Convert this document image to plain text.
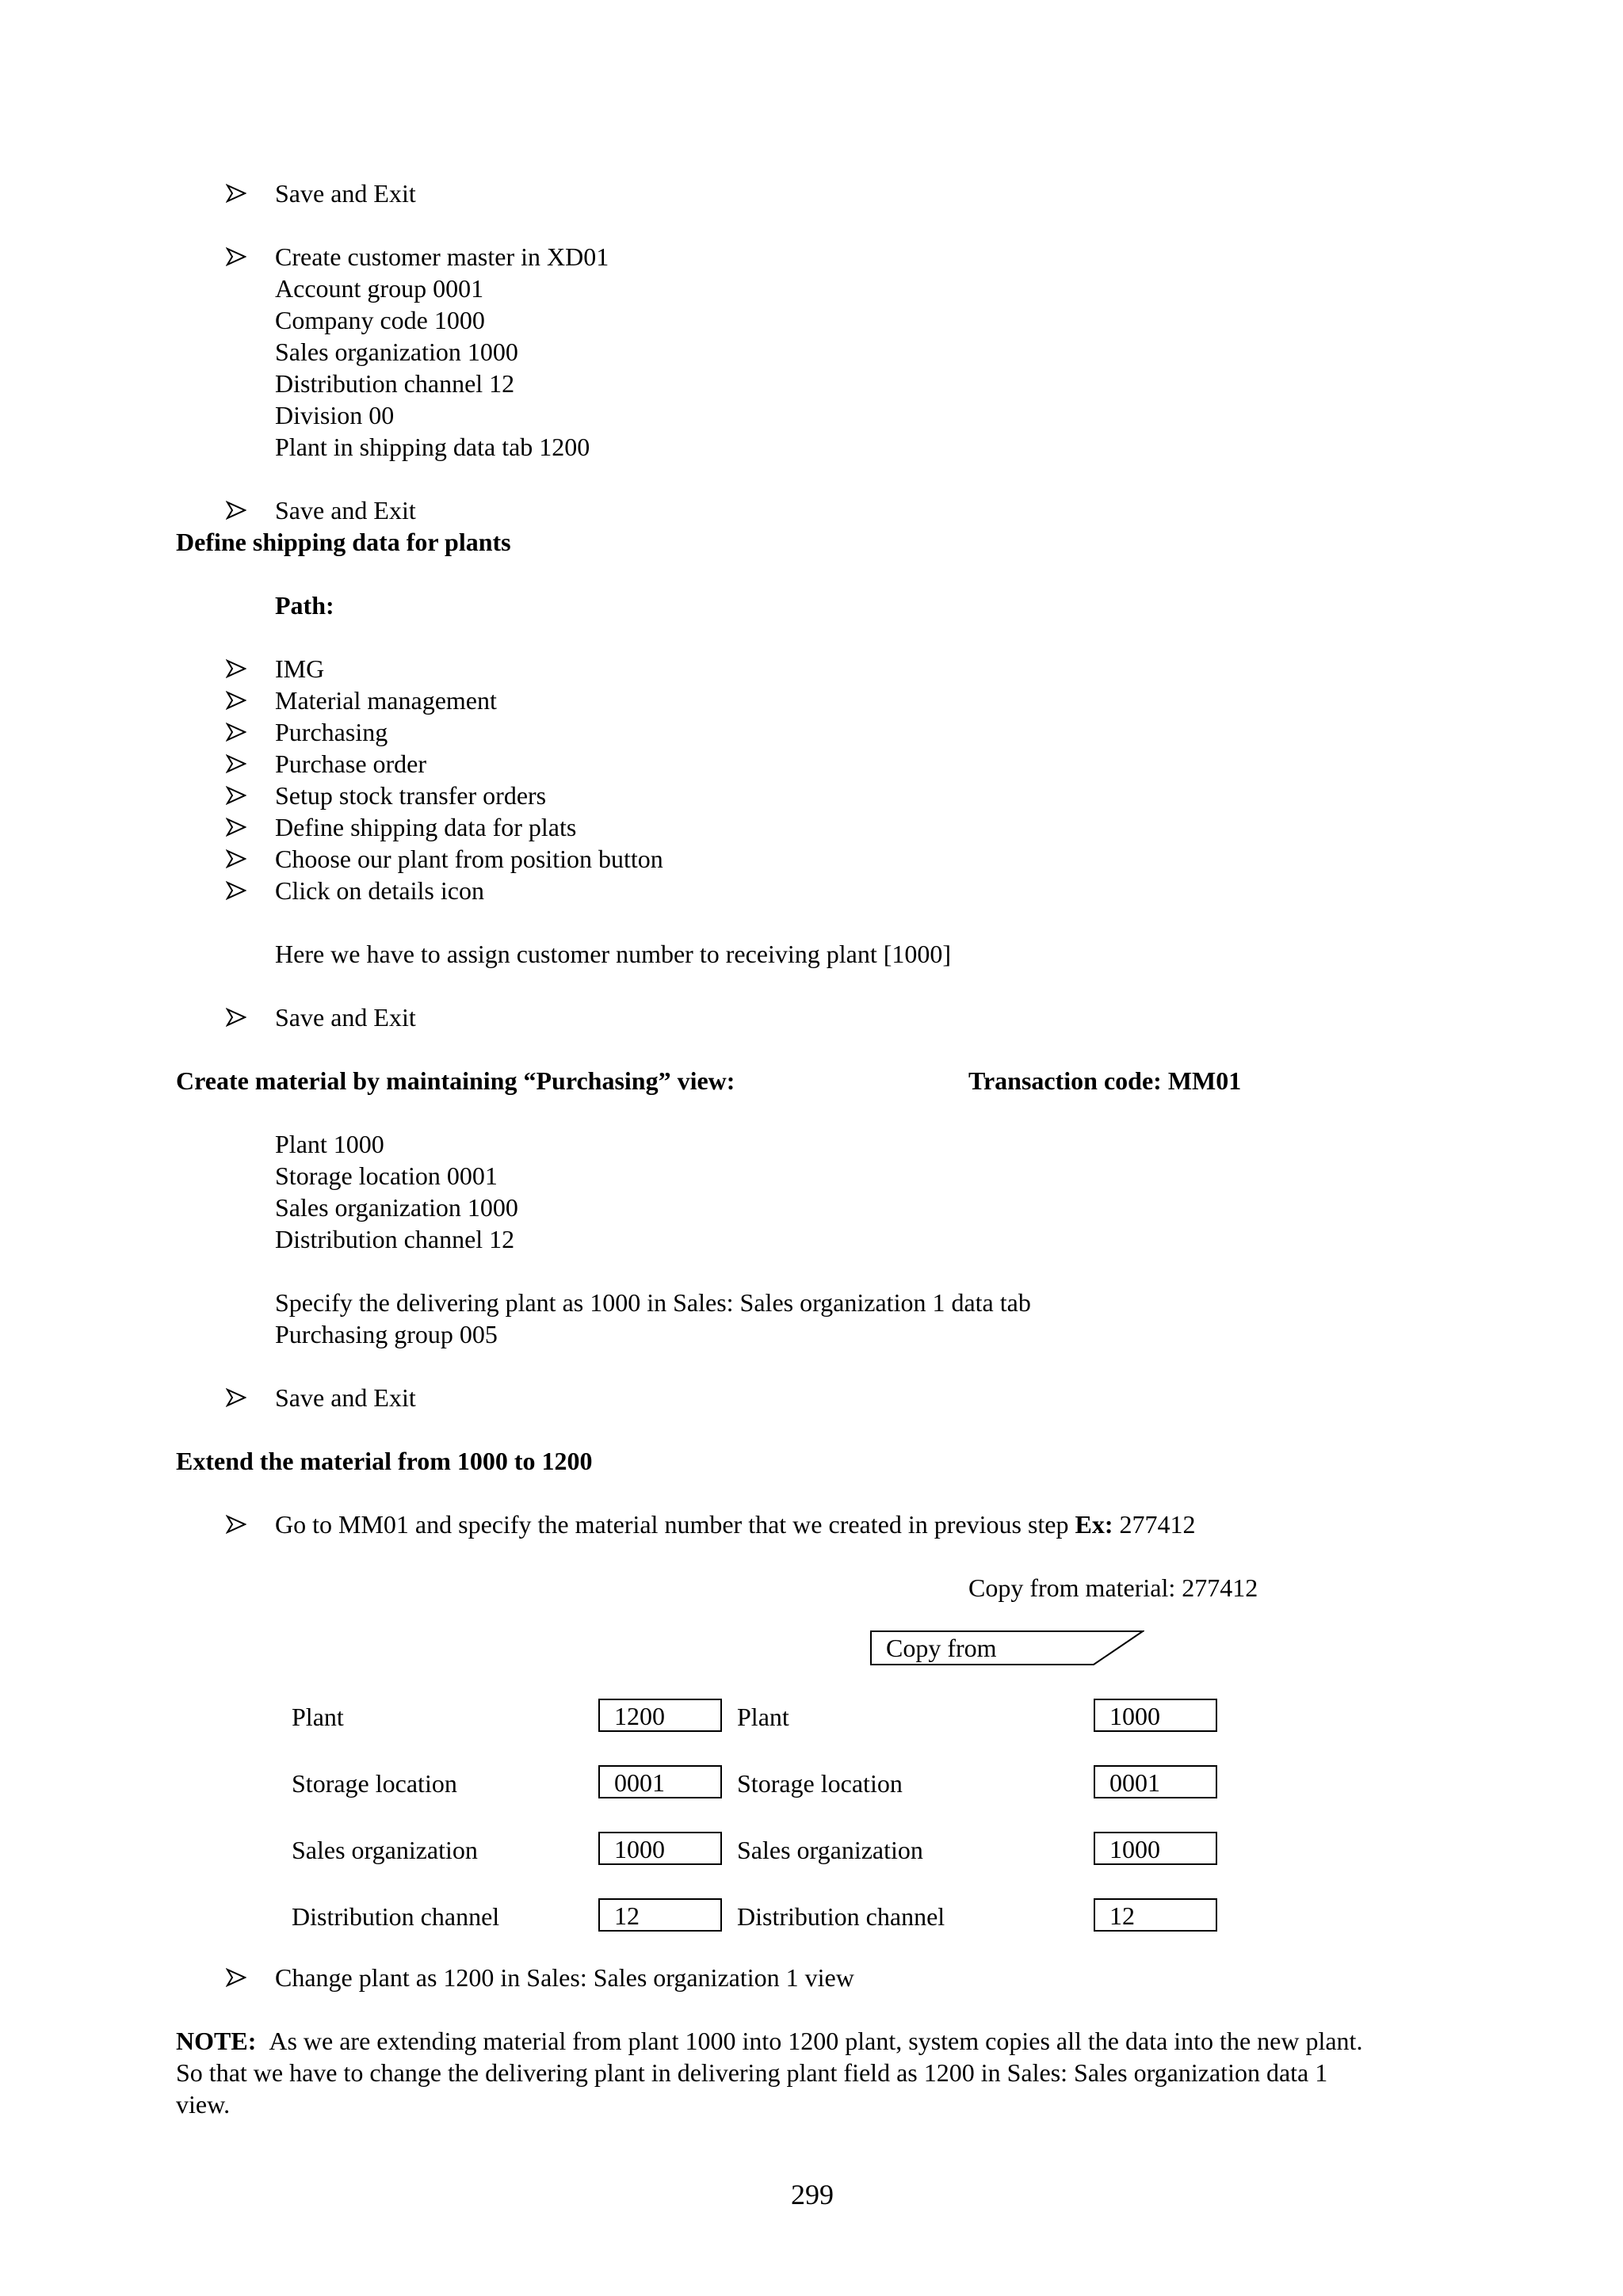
Save and Exit
Create customer master in XD01
Account group 0001
Company code 1000
Sales organization 1000
Distribution channel 12
Division 00
Plant in shipping data tab 1200
Save and Exit
Define shipping data for plants
Path:
IMG
Material management
Purchasing
Purchase order
Setup stock transfer orders
Define shipping data for plats
Choose our plant from position button
Click on details icon
Here we have to assign customer number to receiving plant [1000]
Save and Exit
Create material by maintaining “Purchasing” view:	Transaction code: MM01
Plant 1000
Storage location 0001
Sales organization 1000
Distribution channel 12
Specify the delivering plant as 1000 in Sales: Sales organization 1 data tab
Purchasing group 005
Save and Exit
Extend the material from 1000 to 1200
Go to MM01 and specify the material number that we created in previous step Ex: 277412
Copy from material: 277412
Copy from
Plant	1200	Plant	1000
Storage location	0001	Storage location	0001
Sales organization	1000	Sales organization	1000
Distribution channel	12	Distribution channel	12
Change plant as 1200 in Sales: Sales organization 1 view
NOTE: As we are extending material from plant 1000 into 1200 plant, system copies all the data into the new plant.
So that we have to change the delivering plant in delivering plant field as 1200 in Sales: Sales organization data 1
view.
299
